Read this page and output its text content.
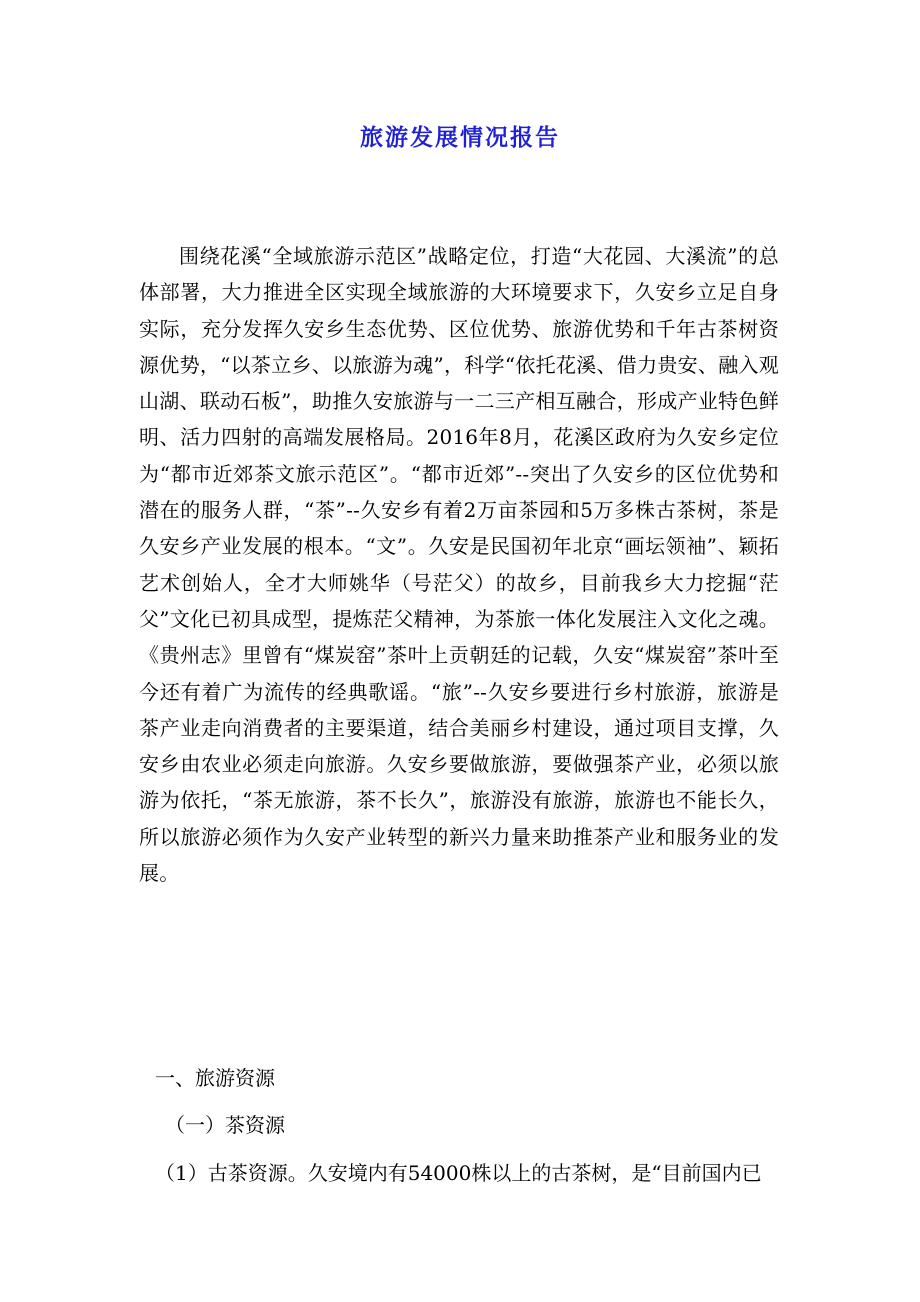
旅游发展情况报告

围绕花溪“全域旅游示范区”战略定位，打造“大花园、大溪流”的总体部署，大力推进全区实现全域旅游的大环境要求下，久安乡立足自身实际，充分发挥久安乡生态优势、区位优势、旅游优势和千年古茶树资源优势，“以茶立乡、以旅游为魂”，科学“依托花溪、借力贵安、融入观山湖、联动石板”，助推久安旅游与一二三产相互融合，形成产业特色鲜明、活力四射的高端发展格局。2016年8月，花溪区政府为久安乡定位为“都市近郊茶文旅示范区”。“都市近郊”--突出了久安乡的区位优势和潜在的服务人群，“茶”--久安乡有着2万亩茶园和5万多株古茶树，茶是久安乡产业发展的根本。“文”。久安是民国初年北京“画坛领袖”、颖拓艺术创始人，全才大师姚华（号茫父）的故乡，目前我乡大力挖掘“茫父”文化已初具成型，提炼茫父精神，为茶旅一体化发展注入文化之魂。《贵州志》里曾有“煤炭窑”茶叶上贡朝廷的记载，久安“煤炭窑”茶叶至今还有着广为流传的经典歌谣。“旅”--久安乡要进行乡村旅游，旅游是茶产业走向消费者的主要渠道，结合美丽乡村建设，通过项目支撑，久安乡由农业必须走向旅游。久安乡要做旅游，要做强茶产业，必须以旅游为依托，“茶无旅游，茶不长久”，旅游没有旅游，旅游也不能长久，所以旅游必须作为久安产业转型的新兴力量来助推茶产业和服务业的发展。

一、旅游资源

（一）茶资源

（1）古茶资源。久安境内有54000株以上的古茶树，是“目前国内已
